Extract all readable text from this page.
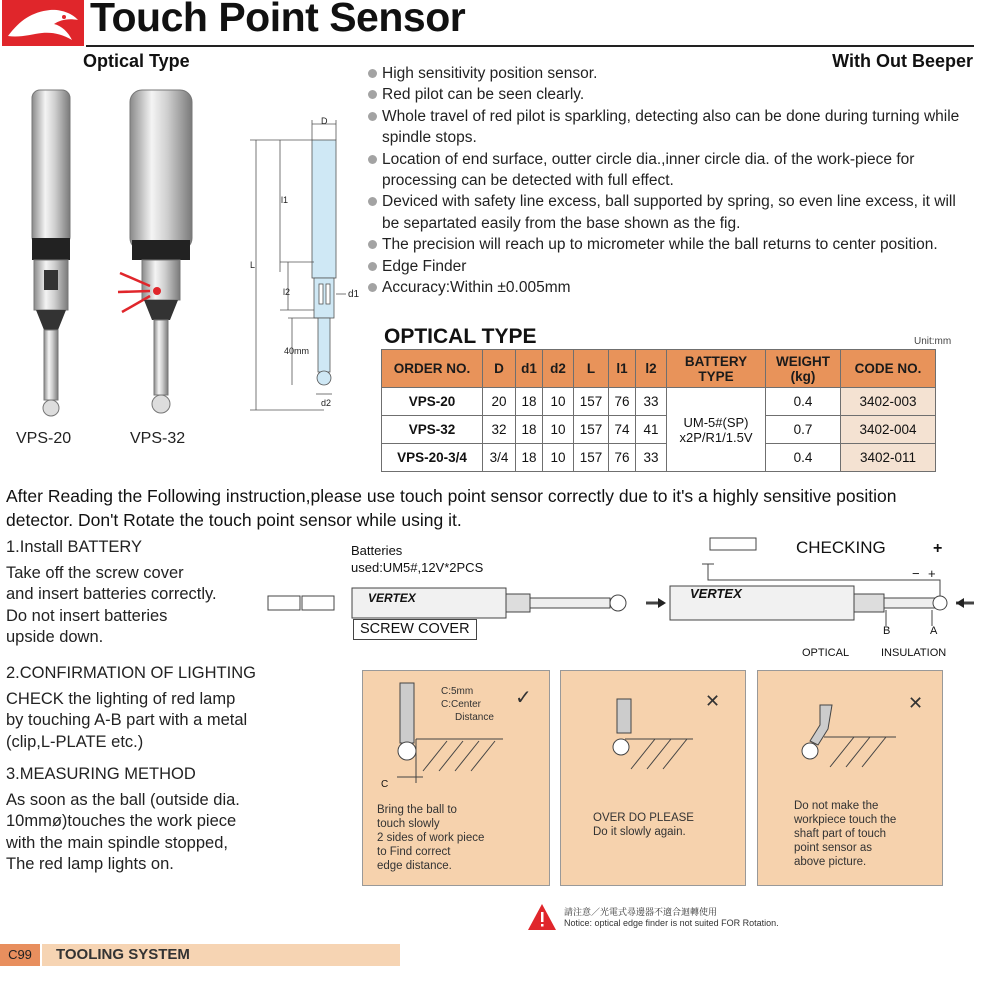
Touch Point Sensor
Optical Type	With Out Beeper
VPS-20	VPS-32
D
l1
L
l2	d1
40mm
d2
High sensitivity position sensor.
Red pilot can be seen clearly.
Whole travel of red pilot is sparkling, detecting also can be done during turning while spindle stops.
Location of end surface, outter circle dia.,inner circle dia. of the work-piece for processing can be detected with full effect.
Deviced with safety line excess, ball supported by spring, so even line excess, it will be separtated easily from the base shown as the fig.
The precision will reach up to micrometer while the ball returns to center position.
Edge Finder
Accuracy:Within ±0.005mm
OPTICAL TYPE	Unit:mm
ORDER NO.	D	d1	d2	L	l1	l2	BATTERY TYPE	WEIGHT (kg)	CODE NO.
VPS-20	20	18	10	157	76	33	UM-5#(SP) x2P/R1/1.5V	0.4	3402-003
VPS-32	32	18	10	157	74	41		0.7	3402-004
VPS-20-3/4	3/4	18	10	157	76	33		0.4	3402-011
After Reading the Following instruction,please use touch point sensor correctly due to it's a highly sensitive position detector. Don't Rotate the touch point sensor while using it.
1.Install BATTERY
Take off the screw cover
and insert batteries correctly.
Do not insert batteries
upside down.
2.CONFIRMATION OF LIGHTING
CHECK the lighting of red lamp
by touching A-B part with a metal
(clip,L-PLATE etc.)
3.MEASURING METHOD
As soon as the ball (outside dia.
10mmø)touches the work piece
with the main spindle stopped,
The red lamp lights on.
Batteries
used:UM5#,12V*2PCS
VERTEX
SCREW COVER
CHECKING
VERTEX
+
− +
B	A
OPTICAL	INSULATION
C:5mm
C:Center
Distance
✓
C
Bring the ball to
touch slowly
2 sides of work piece
to Find correct
edge distance.
✕
OVER DO PLEASE
Do it slowly again.
✕
Do not make the
workpiece touch the
shaft part of touch
point sensor as
above picture.
請注意／光電式尋邊器不適合迴轉使用
Notice: optical edge finder is not suited FOR Rotation.
C99	TOOLING SYSTEM
